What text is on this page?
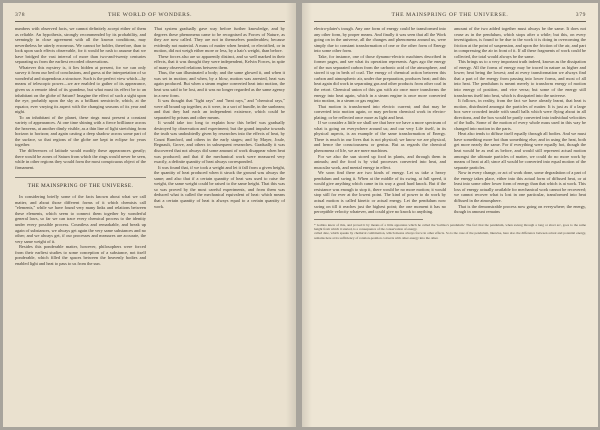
378	THE WORLD OF WONDERS.

numbers with observed facts, we cannot definitely accept either of them as reliable. An hypothesis, strongly recommended by its probability, and seemingly in close agreement with all the known conditions, may nevertheless be utterly erroneous. We cannot be bolder, therefore, than to look upon such effects observable, for it would be rash to assume that we have bridged the vast interval of more than two-and-twenty centuries separating us from the earliest recorded observations.

Whatever this mystery is, it lies hidden at present, for we can only survey it from our bed of conclusions, and guess at the interpretation of so wonderful and stupendous a structure. Such is the perfect view which—by means of telescopic power—we are enabled to gather of its appearance, given us a remote ideal of its grandeur, but what must its effect be to an inhabitant on the globe of Saturn? Imagine the effect of such a sight upon the eye, probably upon the sky as a brilliant semicircle, which, at the equator, ever varying its aspect with the changing seasons of its year and night.

To an inhabitant of the planet, these rings must present a constant variety of appearances. At one time shining with a fierce brilliance across the heavens, at another dimly visible, as a thin line of light stretching from horizon to horizon; and again casting a deep shadow across some part of the surface, so that regions of the globe are kept in eclipse for years together.

The differences of latitude would modify these appearances greatly; there would be zones of Saturn from which the rings would never be seen, while in other regions they would form the most conspicuous object of the firmament.

THE MAINSPRING OF THE UNIVERSE.

In considering briefly some of the facts known about what we call matter, and about those different forms of it which chemists call "elements," while we have found very many links and relations between these elements, which seem to connect them together by wonderful general laws, so far we can trace every chemical process to the identity under every possible process. Countless and remarkable, and break up again of substances, we always get again the very same substances and no other; and we always get, if our processes and measures are accurate, the very same weight of it.

Besides this ponderable matter, however, philosophers were forced from their earliest studies to some conception of a substance, not itself ponderable, which filled the spaces between the heavenly bodies and enabled light and heat to pass to us from the sun.

That system gradually gave way before further knowledge, and by degrees these phenomena came to be recognised as Forces of Nature, as they are now called. They are not in themselves ponderables; because evidently not material. A mass of matter when heated, or electrified, or in motion, did not weigh either more or less, by a hair's weight, than before.

These forces also are so apparently distinct, and so well marked in their effects, that it was thought they were independent, Kelvin Forces, in spite of many observed relations between them.

Thus, the sun illuminated a body; and the same glowed it, and when it was set in motion; and when, by a blow, motion was arrested, heat was again produced. But when a steam engine converted heat into motion, the heat was said to be lost, and it was no longer regarded as the same agency in a new form.

It was thought that "light rays" and "heat rays," and "chemical rays," were all bound up together, as it were, in a sort of bundle, in the sunbeam; and that they had each an independent existence, which could be separated by prisms and other means.

It would take too long to explain how this belief was gradually destroyed by observation and experiment; but the grand impulse towards the truth was undoubtedly given by researches into the effects of heat, by Count Rumford, and others in the early stages; and by Mayer, Joule, Regnault, Grove, and others in subsequent researches. Gradually it was discovered that not always did some amount of work disappear when heat was produced; and that if the mechanical work were measured very exactly, a definite quantity of heat always corresponded.

It was found that, if we took a weight and let it fall from a given height, the quantity of heat produced when it struck the ground was always the same; and also that if a certain quantity of heat was used to raise the weight, the same weight could be raised to the same height. That this was so was proved by the most careful experiments, and from them was deduced what is called the mechanical equivalent of heat: which means that a certain quantity of heat is always equal to a certain quantity of work.

THE MAINSPRING OF THE UNIVERSE.	379

electro-plater's trough. Any one form of energy could be transformed into any other form, by proper means. And finally it was seen that all the Work going on in the universe, all the changes and phenomena around us, were simply due to constant transformation of one or the other form of Energy into some other form.

Take, for instance, one of those dynamo-electric machines described in former pages, and see what its operation represents. Ages ago the energy of the sun separated carbon from the carbonic acid of the atmosphere, and stored it up in beds of coal. The energy of chemical action between this carbon and atmospheric air, under due preparation, produces heat; and this heat again did work in separating gas and other products from other coal in the retort. Chemical union of this gas with air once more transforms the energy into heat again, which in a steam engine is once more converted into motion, in a steam or gas engine.

That motion is transformed into electric current; and that may be converted into motion again, or may perform chemical work in electro-plating; or be reflected once more as light and heat.

If we consider a little we shall see that here we have a more spectrum of what is going on everywhere around us; and our very Life itself, in its physical aspects, is an example of the same transformation of Energy. There is much in our lives that is not physical; we know we are physical, and hence the consciousness or genius. But as regards the chemical phenomena of life, we are mere machines.

For we also the sun stored up food in plants, and through them in animals; and the food is by vital processes converted into heat, and muscular work, and mental energy in effect.

We soon find there are two kinds of energy. Let us take a heavy pendulum and swing it. When at the middle of its swing, at full speed, it would give anything which came in its way a good hard knock. But if the resistance was enough to stop it, there would be no more motion; it would stop still for ever at the lowest point. The kind of power to do work by actual motion is called kinetic or actual energy. Let the pendulum now swing on till it reaches just the highest point; the one moment it has no perceptible velocity whatever, and could give no knock to anything.

amount of the two added together must always be the same. It does not cease as in the pendulum, which stops after a while; but this, on every investigation, is found to be due to the work it is doing in overcoming the friction at the point of suspension, and upon the friction of the air, and part in compressing the air in front of it. If all these fragments of work could be collected, the total would always be the same.

This brings us to a very important truth indeed, known as the dissipation of energy. All the forms of energy may be traced in nature as higher and lower; heat being the lowest; and at every transformation we always find that a part of the energy from passing into lower forms, and most of all into heat. The pendulum is meant merely to transform energy of motion into energy of position, and vice versa; but some of the energy still transforms itself into heat, which is dissipated into the universe.

It follows, in reality, from the fact we have already learnt, that heat is motion, distributed amongst the particles of matter. It is just as if a large box were crowded inside with small balls which were flying about in all directions, and the box would be partly converted into individual velocities of the balls. Some of the motion of every whole mass used in this way be changed into motion in the parts.

Heat also tends to diffuse itself equally through all bodies. And we must have something more hot than something else; and in using the heat, both get more nearly the same. For if everything were equally hot, though the heat would be as real as before, and would still represent actual motion amongst the ultimate particles of matter, we could do no more work by means of heat at all; since all would be converted into equal motion of the separate particles.

Now in every change, or act of work done, some degradation of a part of the energy takes place, either into this actual form of diffused heat, or at least into some other lower form of energy than that which is at work. This loss of energy actually available for mechanical work cannot be recovered; we cannot recover what is lost in one particular, transformed into heat diffused in the atmosphere.

That is the demonstrable process now going on everywhere; the energy, though in amount remains

* Galileo knew of this, and proved it by means of a little apparatus which he called the 'Galileo's pendulum.' The fact that the pendulum, when swung through a long or short arc, goes to the same height from which it started, is a consequence of the conservation of energy.

called date, which speaks by chemical combination, which means always force in other effects. So is the case of the pendulum, likewise, here also the difference between actual and potential energy, remains here at its sufficiency of rotation-position converts with other energy into the other.
